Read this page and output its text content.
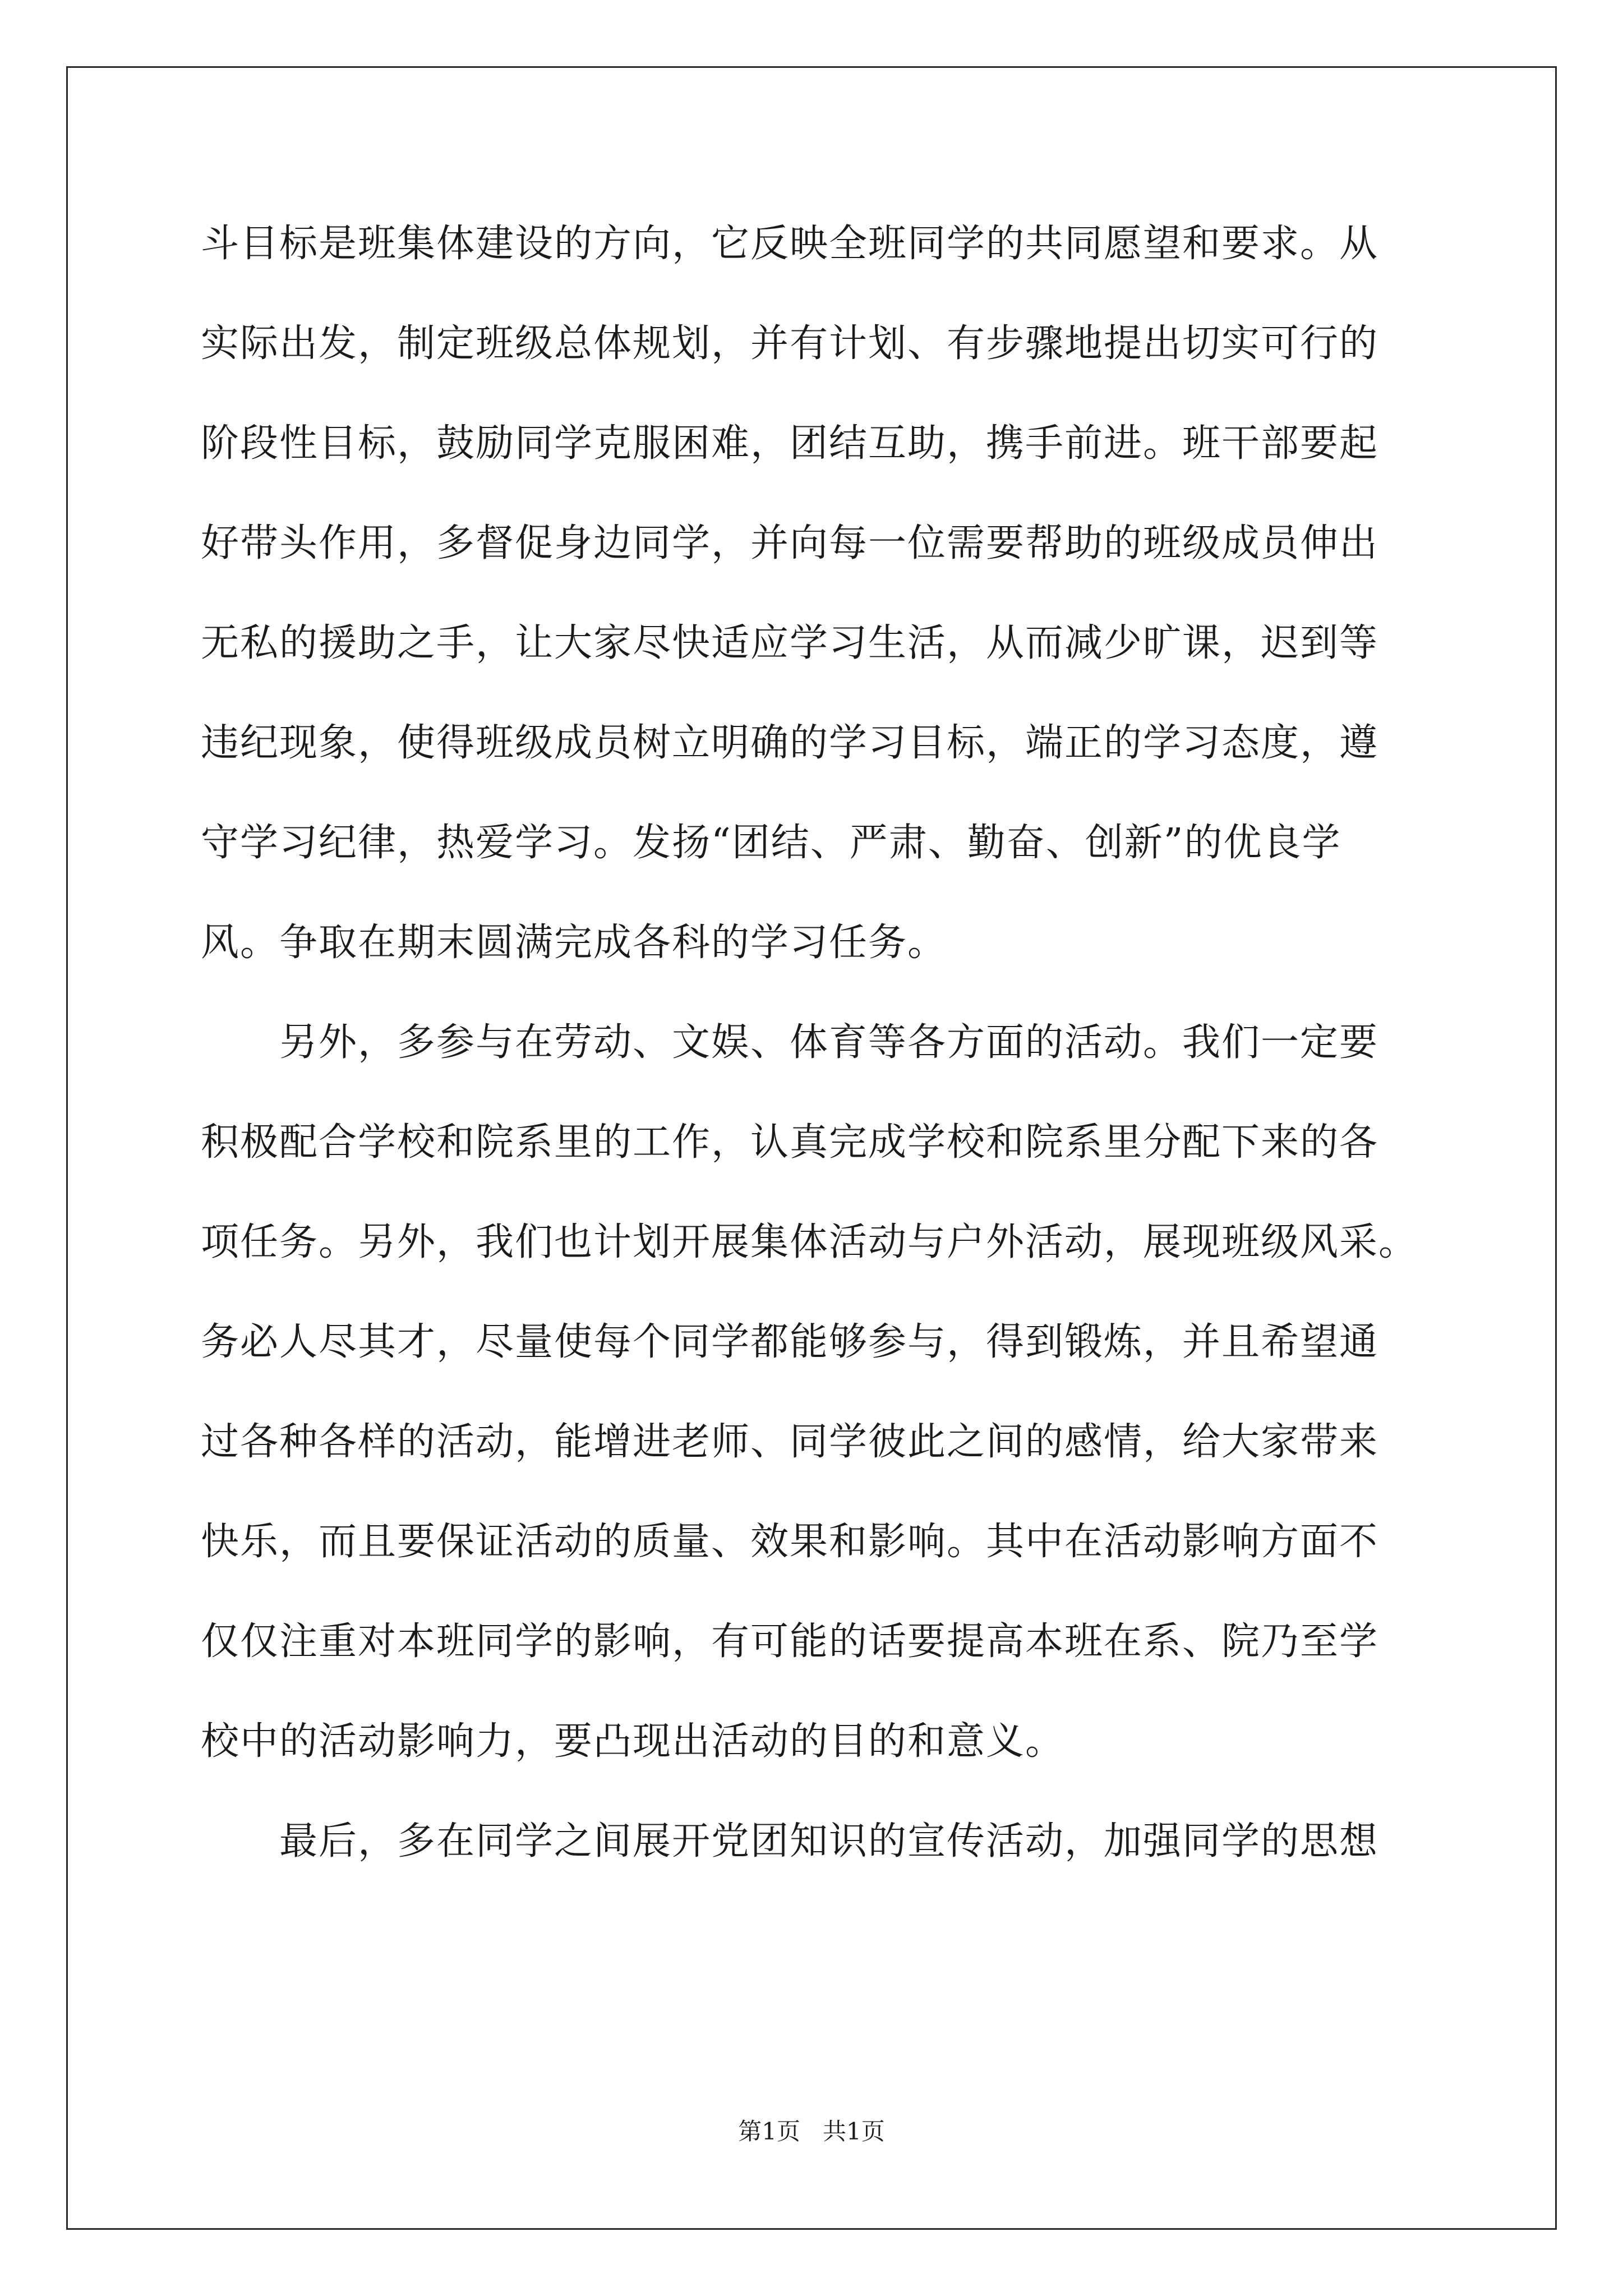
斗目标是班集体建设的方向，它反映全班同学的共同愿望和要求。从
实际出发，制定班级总体规划，并有计划、有步骤地提出切实可行的
阶段性目标，鼓励同学克服困难，团结互助，携手前进。班干部要起
好带头作用，多督促身边同学，并向每一位需要帮助的班级成员伸出
无私的援助之手，让大家尽快适应学习生活，从而减少旷课，迟到等
违纪现象，使得班级成员树立明确的学习目标，端正的学习态度，遵
守学习纪律，热爱学习。发扬“团结、严肃、勤奋、创新”的优良学
风。争取在期末圆满完成各科的学习任务。
另外，多参与在劳动、文娱、体育等各方面的活动。我们一定要
积极配合学校和院系里的工作，认真完成学校和院系里分配下来的各
项任务。另外，我们也计划开展集体活动与户外活动，展现班级风采。
务必人尽其才，尽量使每个同学都能够参与，得到锻炼，并且希望通
过各种各样的活动，能增进老师、同学彼此之间的感情，给大家带来
快乐，而且要保证活动的质量、效果和影响。其中在活动影响方面不
仅仅注重对本班同学的影响，有可能的话要提高本班在系、院乃至学
校中的活动影响力，要凸现出活动的目的和意义。
最后，多在同学之间展开党团知识的宣传活动，加强同学的思想
第1页   共1页
